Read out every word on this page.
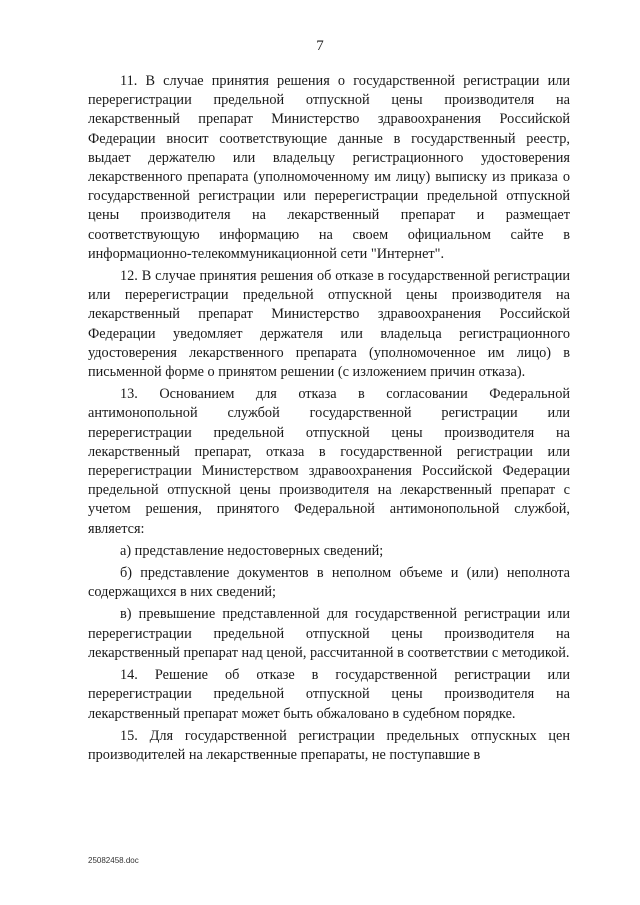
7

11. В случае принятия решения о государственной регистрации или перерегистрации предельной отпускной цены производителя на лекарственный препарат Министерство здравоохранения Российской Федерации вносит соответствующие данные в государственный реестр, выдает держателю или владельцу регистрационного удостоверения лекарственного препарата (уполномоченному им лицу) выписку из приказа о государственной регистрации или перерегистрации предельной отпускной цены производителя на лекарственный препарат и размещает соответствующую информацию на своем официальном сайте в информационно-телекоммуникационной сети "Интернет".

12. В случае принятия решения об отказе в государственной регистрации или перерегистрации предельной отпускной цены производителя на лекарственный препарат Министерство здравоохранения Российской Федерации уведомляет держателя или владельца регистрационного удостоверения лекарственного препарата (уполномоченное им лицо) в письменной форме о принятом решении (с изложением причин отказа).

13. Основанием для отказа в согласовании Федеральной антимонопольной службой государственной регистрации или перерегистрации предельной отпускной цены производителя на лекарственный препарат, отказа в государственной регистрации или перерегистрации Министерством здравоохранения Российской Федерации предельной отпускной цены производителя на лекарственный препарат с учетом решения, принятого Федеральной антимонопольной службой, является:

а) представление недостоверных сведений;

б) представление документов в неполном объеме и (или) неполнота содержащихся в них сведений;

в) превышение представленной для государственной регистрации или перерегистрации предельной отпускной цены производителя на лекарственный препарат над ценой, рассчитанной в соответствии с методикой.

14. Решение об отказе в государственной регистрации или перерегистрации предельной отпускной цены производителя на лекарственный препарат может быть обжаловано в судебном порядке.

15. Для государственной регистрации предельных отпускных цен производителей на лекарственные препараты, не поступавшие в

25082458.doc
